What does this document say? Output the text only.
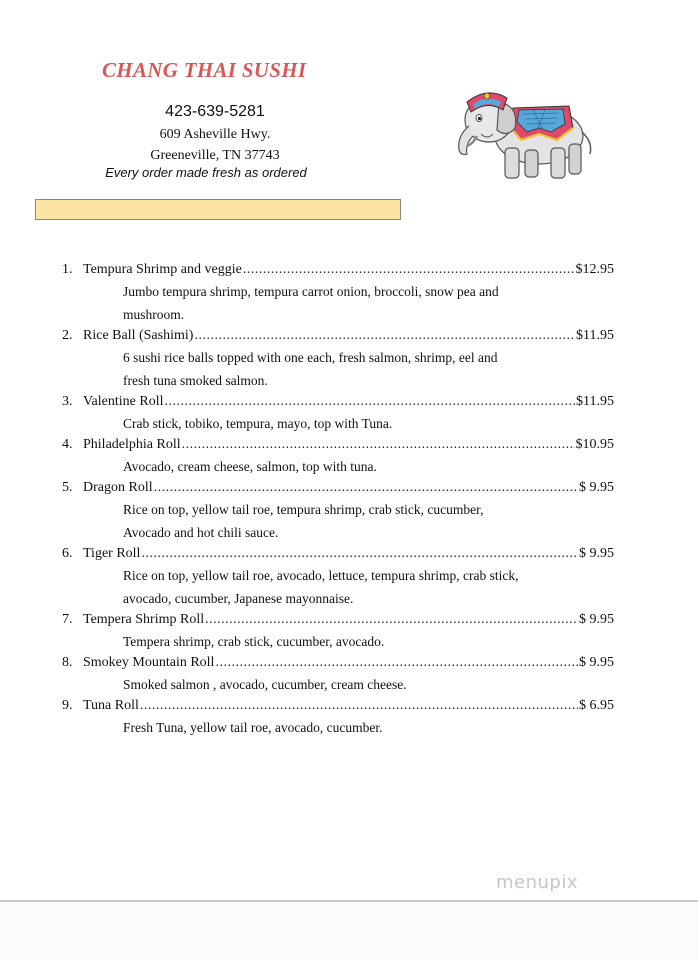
CHANG THAI SUSHI
423-639-5281
609 Asheville Hwy.
Greeneville, TN 37743
Every order made fresh as ordered
1. Tempura Shrimp and veggie .....	$12.95
Jumbo tempura shrimp, tempura carrot onion, broccoli, snow pea and
mushroom.
2. Rice Ball (Sashimi) .....	$11.95
6 sushi rice balls topped with one each, fresh salmon, shrimp, eel and
fresh tuna smoked salmon.
3. Valentine Roll .....	$11.95
Crab stick, tobiko, tempura, mayo, top with Tuna.
4. Philadelphia Roll .....	$10.95
Avocado, cream cheese, salmon, top with tuna.
5. Dragon Roll .....	$ 9.95
Rice on top, yellow tail roe, tempura shrimp, crab stick, cucumber,
Avocado and hot chili sauce.
6. Tiger Roll .....	$ 9.95
Rice on top, yellow tail roe, avocado, lettuce, tempura shrimp, crab stick,
avocado, cucumber, Japanese mayonnaise.
7. Tempera Shrimp Roll .....	$ 9.95
Tempera shrimp, crab stick, cucumber, avocado.
8. Smokey Mountain Roll .....	$ 9.95
Smoked salmon , avocado, cucumber, cream cheese.
9. Tuna Roll .....	$ 6.95
Fresh Tuna, yellow tail roe, avocado, cucumber.
menupix
